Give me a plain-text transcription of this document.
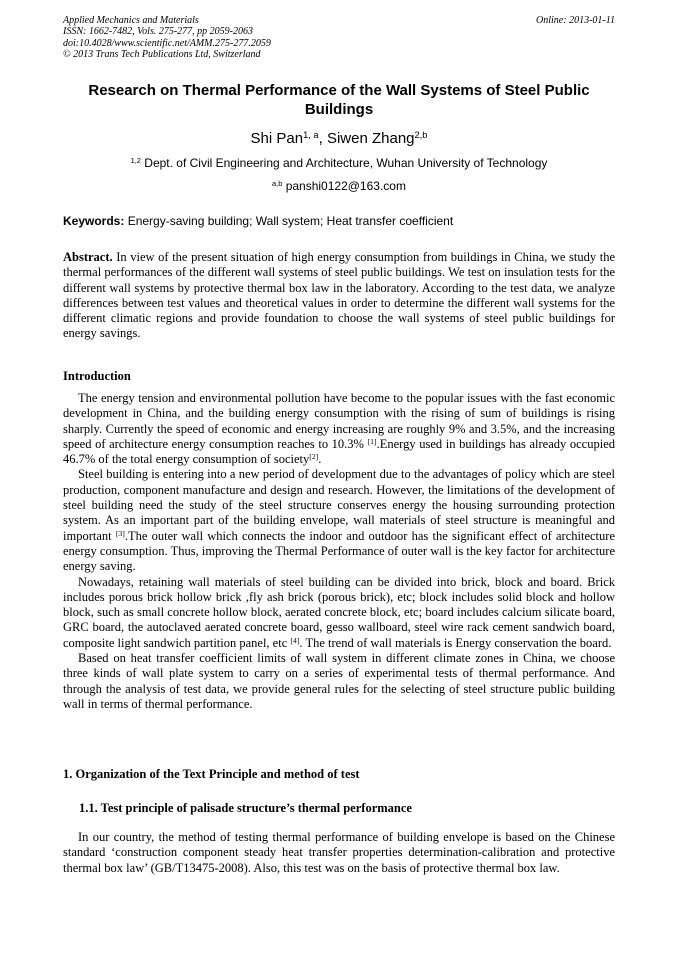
Applied Mechanics and Materials
ISSN: 1662-7482, Vols. 275-277, pp 2059-2063
doi:10.4028/www.scientific.net/AMM.275-277.2059
© 2013 Trans Tech Publications Ltd, Switzerland
Online: 2013-01-11
Research on Thermal Performance of the Wall Systems of Steel Public Buildings
Shi Pan$^{1, a}$, Siwen Zhang$^{2,b}$
$^{1,2}$ Dept. of Civil Engineering and Architecture, Wuhan University of Technology
$^{a,b}$ panshi0122@163.com
Keywords: Energy-saving building; Wall system; Heat transfer coefficient

Abstract. In view of the present situation of high energy consumption from buildings in China, we study the thermal performances of the different wall systems of steel public buildings. We test on insulation tests for the different wall systems by protective thermal box law in the laboratory. According to the test data, we analyze differences between test values and theoretical values in order to determine the different wall systems for the different climatic regions and provide foundation to choose the wall systems of steel public buildings for energy savings.

Introduction

The energy tension and environmental pollution have become to the popular issues with the fast economic development in China, and the building energy consumption with the rising of sum of buildings is rising sharply. Currently the speed of economic and energy increasing are roughly 9% and 3.5%, and the increasing speed of architecture energy consumption reaches to 10.3% [1].Energy used in buildings has already occupied 46.7% of the total energy consumption of society[2].

Steel building is entering into a new period of development due to the advantages of policy which are steel production, component manufacture and design and research. However, the limitations of the development of steel building need the study of the steel structure conserves energy the housing surrounding protection system. As an important part of the building envelope, wall materials of steel structure is meaningful and important [3].The outer wall which connects the indoor and outdoor has the significant effect of architecture energy consumption. Thus, improving the Thermal Performance of outer wall is the key factor for architecture energy saving.

Nowadays, retaining wall materials of steel building can be divided into brick, block and board. Brick includes porous brick hollow brick ,fly ash brick (porous brick), etc; block includes solid block and hollow block, such as small concrete hollow block, aerated concrete block, etc; board includes calcium silicate board, GRC board, the autoclaved aerated concrete board, gesso wallboard, steel wire rack cement sandwich board, composite light sandwich partition panel, etc [4]. The trend of wall materials is Energy conservation the board.

Based on heat transfer coefficient limits of wall system in different climate zones in China, we choose three kinds of wall plate system to carry on a series of experimental tests of thermal performance. And through the analysis of test data, we provide general rules for the selecting of steel structure public building wall in terms of thermal performance.

1. Organization of the Text Principle and method of test
1.1. Test principle of palisade structure’s thermal performance

In our country, the method of testing thermal performance of building envelope is based on the Chinese standard ‘construction component steady heat transfer properties determination-calibration and protective thermal box law’ (GB/T13475-2008). Also, this test was on the basis of protective thermal box law.
